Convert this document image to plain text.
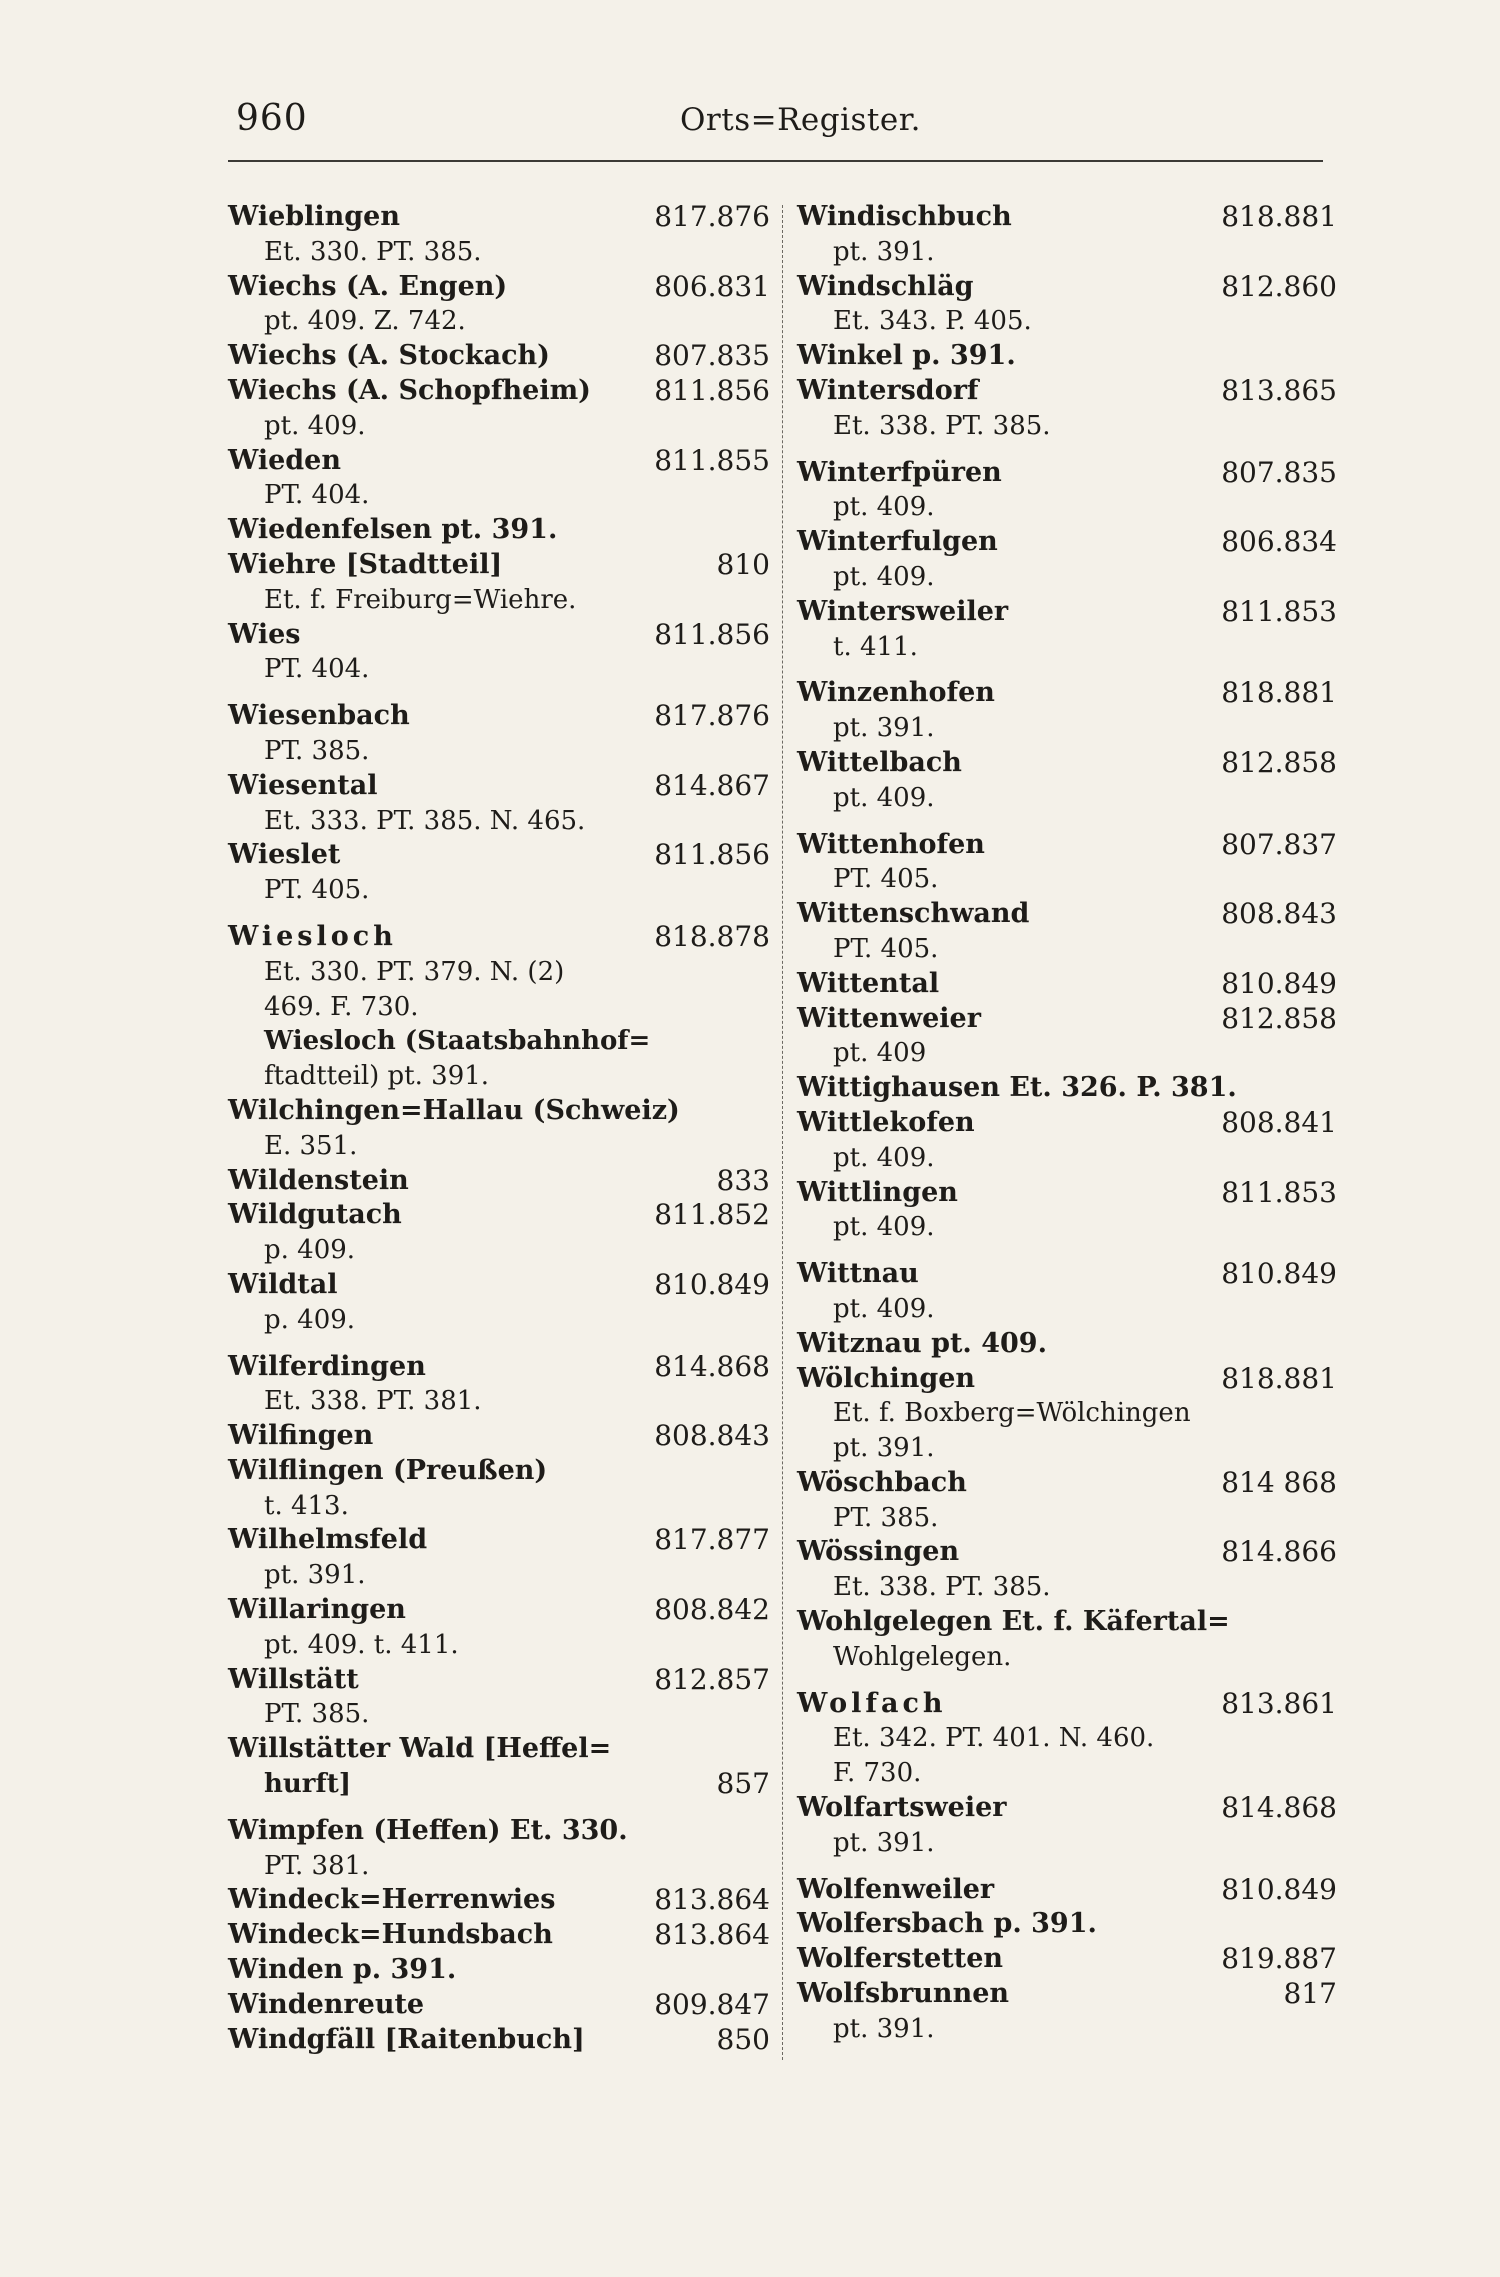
960	Orts=Register.
Wieblingen	817.876
Et. 330. PT. 385.
Wiechs (A. Engen)	806.831
pt. 409. Z. 742.
Wiechs (A. Stockach)	807.835
Wiechs (A. Schopfheim) 811.856
pt. 409.
Wieden	811.855
PT. 404.
Wiedenfelsen pt. 391.
Wiehre [Stadtteil]	810
Et. f. Freiburg=Wiehre.
Wies	811.856
PT. 404.
Wiesenbach	817.876
PT. 385.
Wiesental	814.867
Et. 333. PT. 385. N. 465.
Wieslet	811.856
PT. 405.
Wiesloch	818.878
Et. 330. PT. 379. N. (2)
469. F. 730.
Wiesloch (Staatsbahnhof=
ftadtteil) pt. 391.
Wilchingen=Hallau (Schweiz)
E. 351.
Wildenstein	833
Wildgutach	811.852
p. 409.
Wildtal	810.849
p. 409.
Wilferdingen	814.868
Et. 338. PT. 381.
Wilfingen	808.843
Wilflingen (Preußen)
t. 413.
Wilhelmsfeld	817.877
pt. 391.
Willaringen	808.842
pt. 409. t. 411.
Willstätt	812.857
PT. 385.
Willstätter Wald [Heffel=
hurft]	857
Wimpfen (Heffen) Et. 330.
PT. 381.
Windeck=Herrenwies	813.864
Windeck=Hundsbach	813.864
Winden p. 391.
Windenreute	809.847
Windgfäll [Raitenbuch]	850
Windischbuch	818.881
pt. 391.
Windschläg	812.860
Et. 343. P. 405.
Winkel p. 391.
Wintersdorf	813.865
Et. 338. PT. 385.
Winterfpüren	807.835
pt. 409.
Winterfulgen	806.834
pt. 409.
Wintersweiler	811.853
t. 411.
Winzenhofen	818.881
pt. 391.
Wittelbach	812.858
pt. 409.
Wittenhofen	807.837
PT. 405.
Wittenschwand	808.843
PT. 405.
Wittental	810.849
Wittenweier	812.858
pt. 409
Wittighausen Et. 326. P. 381.
Wittlekofen	808.841
pt. 409.
Wittlingen	811.853
pt. 409.
Wittnau	810.849
pt. 409.
Witznau pt. 409.
Wölchingen	818.881
Et. f. Boxberg=Wölchingen
pt. 391.
Wöschbach	814 868
PT. 385.
Wössingen	814.866
Et. 338. PT. 385.
Wohlgelegen Et. f. Käfertal=
Wohlgelegen.
Wolfach	813.861
Et. 342. PT. 401. N. 460.
F. 730.
Wolfartsweier	814.868
pt. 391.
Wolfenweiler	810.849
Wolfersbach p. 391.
Wolferstetten	819.887
Wolfsbrunnen	817
pt. 391.
